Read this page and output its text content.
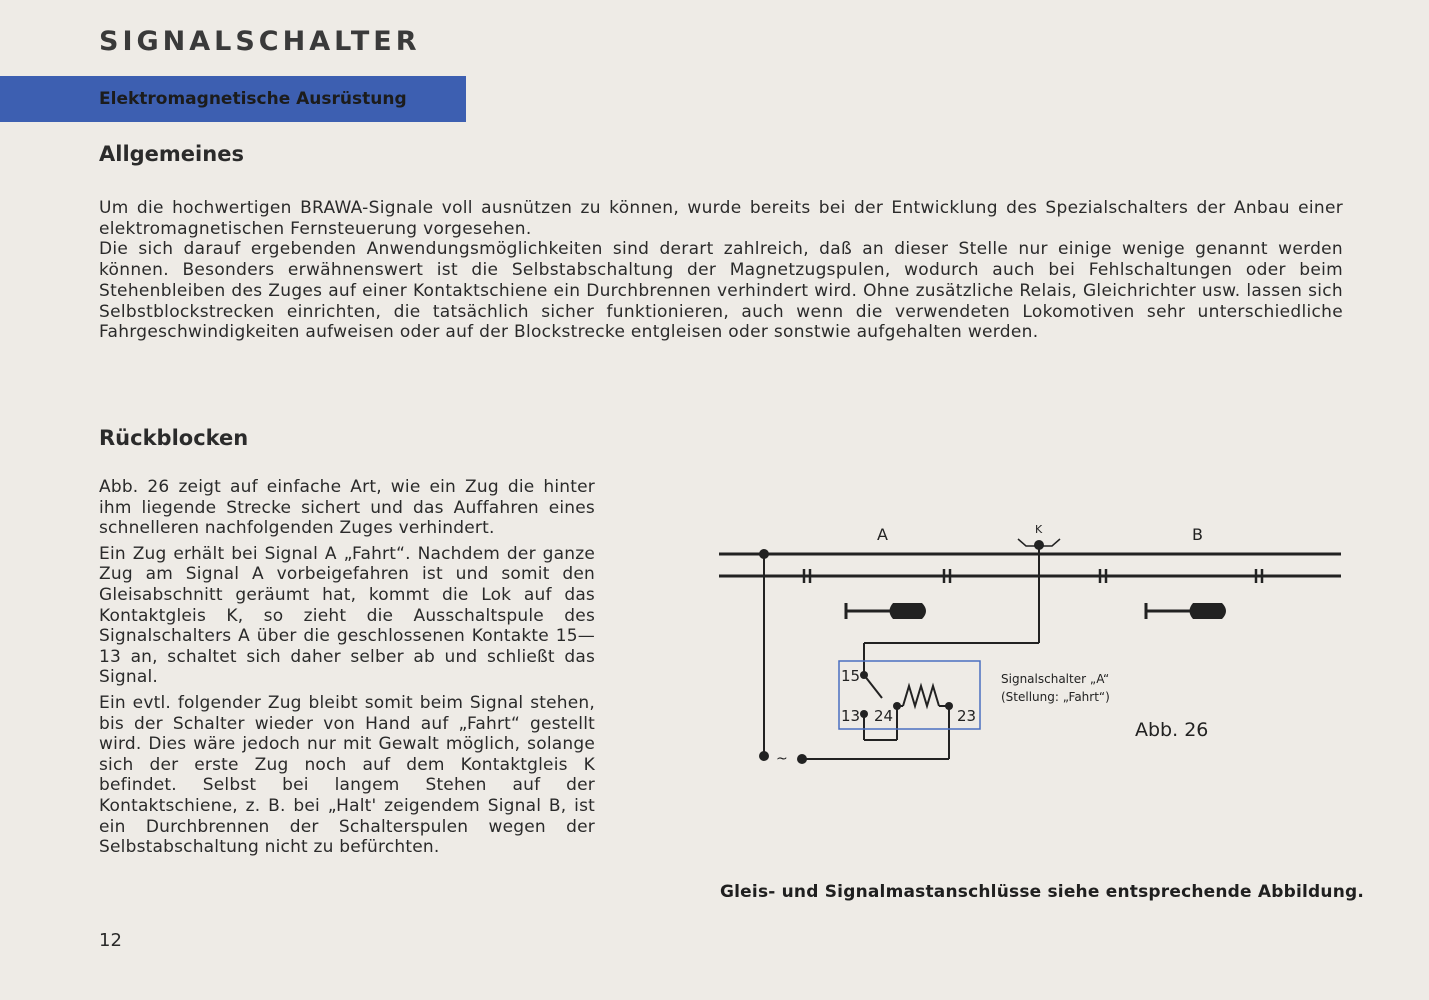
SIGNALSCHALTER
Elektromagnetische Ausrüstung
Allgemeines

Um die hochwertigen BRAWA-Signale voll ausnützen zu können, wurde bereits bei der Entwicklung des Spezialschalters der Anbau einer elektromagnetischen Fernsteuerung vorgesehen.

Die sich darauf ergebenden Anwendungsmöglichkeiten sind derart zahlreich, daß an dieser Stelle nur einige wenige genannt werden können. Besonders erwähnenswert ist die Selbstabschaltung der Magnetzugspulen, wodurch auch bei Fehlschaltungen oder beim Stehenbleiben des Zuges auf einer Kontaktschiene ein Durchbrennen verhindert wird. Ohne zusätzliche Relais, Gleichrichter usw. lassen sich Selbstblockstrecken einrichten, die tatsächlich sicher funktionieren, auch wenn die verwendeten Lokomotiven sehr unterschiedliche Fahrgeschwindigkeiten aufweisen oder auf der Blockstrecke entgleisen oder sonstwie aufgehalten werden.

Rückblocken

Abb. 26 zeigt auf einfache Art, wie ein Zug die hinter ihm liegende Strecke sichert und das Auffahren eines schnelleren nachfolgenden Zuges verhindert.

Ein Zug erhält bei Signal A „Fahrt“. Nachdem der ganze Zug am Signal A vorbeigefahren ist und somit den Gleisabschnitt geräumt hat, kommt die Lok auf das Kontaktgleis K, so zieht die Ausschaltspule des Signalschalters A über die geschlossenen Kontakte 15—13 an, schaltet sich daher selber ab und schließt das Signal.

Ein evtl. folgender Zug bleibt somit beim Signal stehen, bis der Schalter wieder von Hand auf „Fahrt“ gestellt wird. Dies wäre jedoch nur mit Gewalt möglich, solange sich der erste Zug noch auf dem Kontaktgleis K befindet. Selbst bei langem Stehen auf der Kontaktschiene, z. B. bei „Halt' zeigendem Signal B, ist ein Durchbrennen der Schalterspulen wegen der Selbstabschaltung nicht zu befürchten.

A	K	B
~
15
13 24	23
Signalschalter „A“
(Stellung: „Fahrt“)
Abb. 26
Gleis- und Signalmastanschlüsse siehe entsprechende Abbildung.
12
